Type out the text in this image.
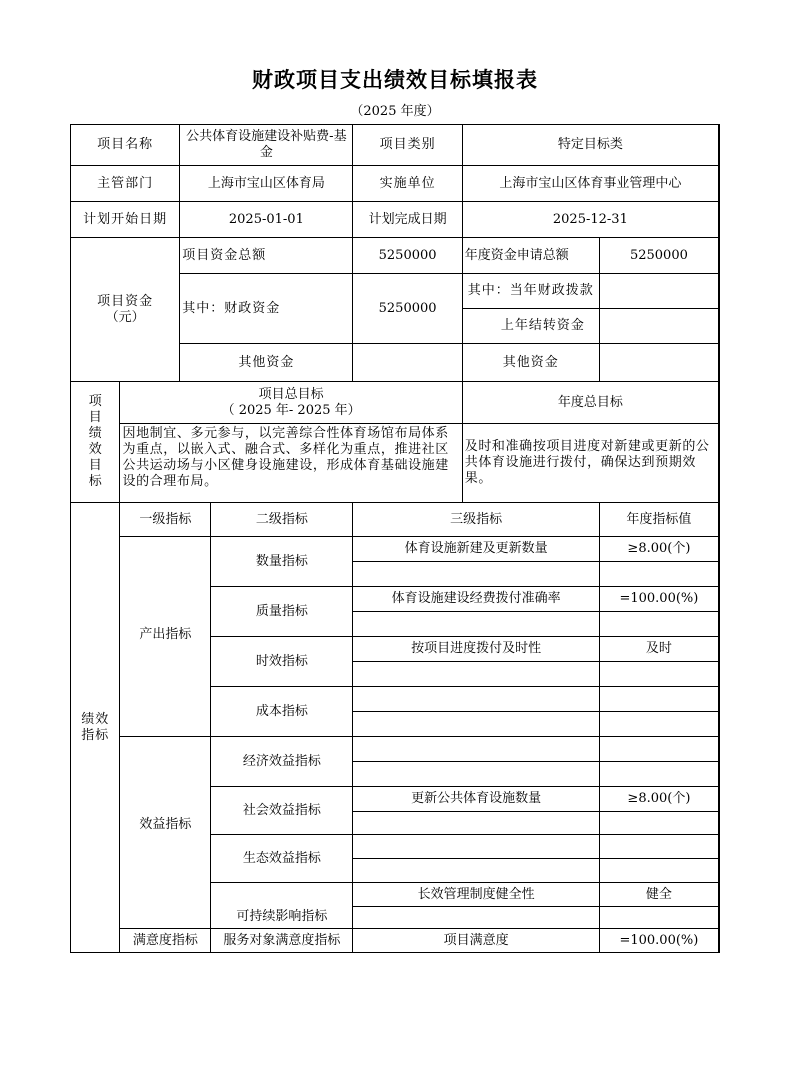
财政项目支出绩效目标填报表
（2025 年度）
项目名称		公共体育设施建设补贴费-基金		项目类别	特定目标类	
主管部门		上海市宝山区体育局		实施单位	上海市宝山区体育事业管理中心	
计划开始日期		2025-01-01		计划完成日期	2025-12-31	

项目资金
（元）		项目资金总额		5250000	年度资金申请总额	5250000
		其中：财政资金		5250000	其中：当年财政拨款	
					上年结转资金	
		其他资金			其他资金	
项目绩效目标	项目总目标
（ 2025 年- 2025 年）				年度总目标	
	因地制宜、多元参与，以完善综合性体育场馆布局体系为重点，以嵌入式、融合式、多样化为重点，推进社区公共运动场与小区健身设施建设，形成体育基础设施建设的合理布局。				及时和准确按项目进度对新建或更新的公共体育设施进行拨付，确保达到预期效果。	

绩效
指标	一级指标		二级指标	三级指标		年度指标值
	产出指标		数量指标	体育设施新建及更新数量		≥8.00(个)

			质量指标	体育设施建设经费拨付准确率		=100.00(%)

			时效指标	按项目进度拨付及时性		及时

			成本指标			

	效益指标		经济效益指标			

			社会效益指标	更新公共体育设施数量		≥8.00(个)

			生态效益指标			

			可持续影响指标	长效管理制度健全性		健全

	满意度指标		服务对象满意度指标	项目满意度		=100.00(%)
